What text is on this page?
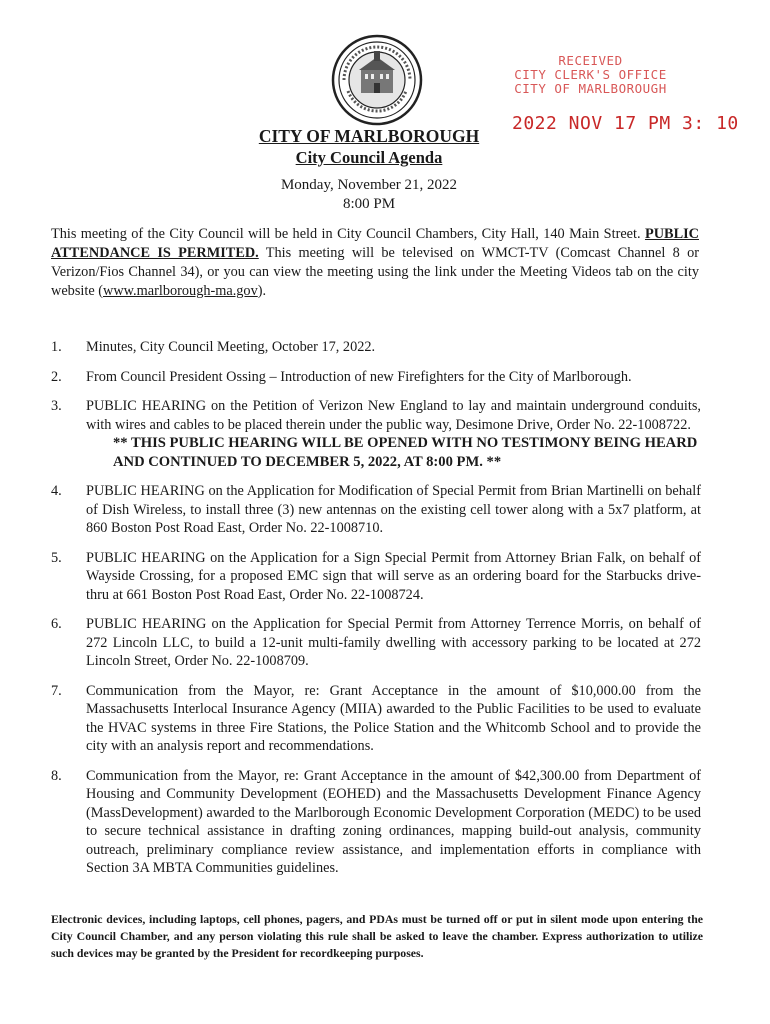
RECEIVED
CITY CLERK'S OFFICE
CITY OF MARLBOROUGH
2022 NOV 17 PM 3: 10
CITY OF MARLBOROUGH
City Council Agenda
Monday, November 21, 2022
8:00 PM
This meeting of the City Council will be held in City Council Chambers, City Hall, 140 Main Street. PUBLIC ATTENDANCE IS PERMITED. This meeting will be televised on WMCT-TV (Comcast Channel 8 or Verizon/Fios Channel 34), or you can view the meeting using the link under the Meeting Videos tab on the city website (www.marlborough-ma.gov).
1. Minutes, City Council Meeting, October 17, 2022.
2. From Council President Ossing – Introduction of new Firefighters for the City of Marlborough.
3. PUBLIC HEARING on the Petition of Verizon New England to lay and maintain underground conduits, with wires and cables to be placed therein under the public way, Desimone Drive, Order No. 22-1008722.
** THIS PUBLIC HEARING WILL BE OPENED WITH NO TESTIMONY BEING HEARD AND CONTINUED TO DECEMBER 5, 2022, AT 8:00 PM. **
4. PUBLIC HEARING on the Application for Modification of Special Permit from Brian Martinelli on behalf of Dish Wireless, to install three (3) new antennas on the existing cell tower along with a 5x7 platform, at 860 Boston Post Road East, Order No. 22-1008710.
5. PUBLIC HEARING on the Application for a Sign Special Permit from Attorney Brian Falk, on behalf of Wayside Crossing, for a proposed EMC sign that will serve as an ordering board for the Starbucks drive-thru at 661 Boston Post Road East, Order No. 22-1008724.
6. PUBLIC HEARING on the Application for Special Permit from Attorney Terrence Morris, on behalf of 272 Lincoln LLC, to build a 12-unit multi-family dwelling with accessory parking to be located at 272 Lincoln Street, Order No. 22-1008709.
7. Communication from the Mayor, re: Grant Acceptance in the amount of $10,000.00 from the Massachusetts Interlocal Insurance Agency (MIIA) awarded to the Public Facilities to be used to evaluate the HVAC systems in three Fire Stations, the Police Station and the Whitcomb School and to provide the city with an analysis report and recommendations.
8. Communication from the Mayor, re: Grant Acceptance in the amount of $42,300.00 from Department of Housing and Community Development (EOHED) and the Massachusetts Development Finance Agency (MassDevelopment) awarded to the Marlborough Economic Development Corporation (MEDC) to be used to secure technical assistance in drafting zoning ordinances, mapping build-out analysis, community outreach, preliminary compliance review assistance, and implementation efforts in compliance with Section 3A MBTA Communities guidelines.
Electronic devices, including laptops, cell phones, pagers, and PDAs must be turned off or put in silent mode upon entering the City Council Chamber, and any person violating this rule shall be asked to leave the chamber. Express authorization to utilize such devices may be granted by the President for recordkeeping purposes.
